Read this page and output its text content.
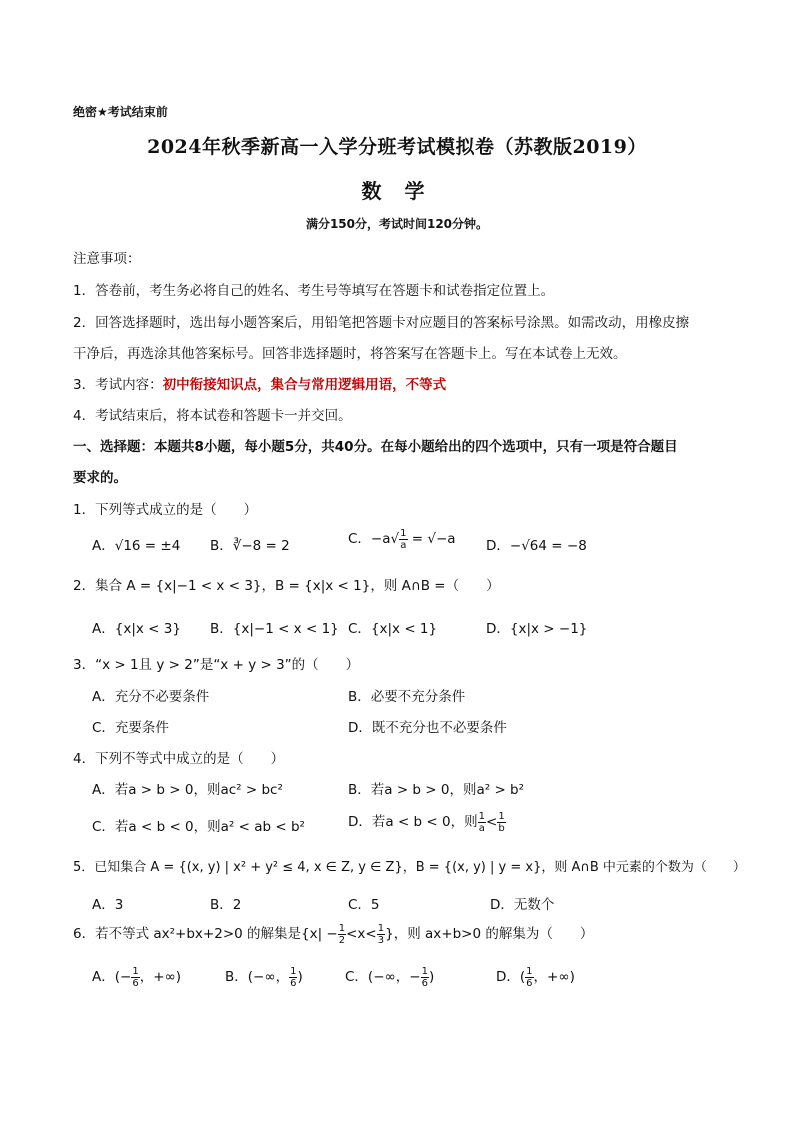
绝密★考试结束前
2024年秋季新高一入学分班考试模拟卷（苏教版2019）
数 学
满分150分，考试时间120分钟。
注意事项：
1．答卷前，考生务必将自己的姓名、考生号等填写在答题卡和试卷指定位置上。
2．回答选择题时，选出每小题答案后，用铅笔把答题卡对应题目的答案标号涂黑。如需改动，用橡皮擦
干净后，再选涂其他答案标号。回答非选择题时，将答案写在答题卡上。写在本试卷上无效。
3．考试内容：初中衔接知识点，集合与常用逻辑用语，不等式
4．考试结束后，将本试卷和答题卡一并交回。
一、选择题：本题共8小题，每小题5分，共40分。在每小题给出的四个选项中，只有一项是符合题目
要求的。
1．下列等式成立的是（　　）
A．√16 = ±4 B．∛−8 = 2	C．$-a√ \frac{1}{a} = √-a$ D．−√64 = −8
2．集合 A = {x|−1 < x < 3}，B = {x|x < 1}，则 A∩B =（　　）
A．{x|x < 3} B．{x|−1 < x < 1} C．{x|x < 1}	D．{x|x > −1}
3．“x > 1且 y > 2”是“x + y > 3”的（　　）
A．充分不必要条件	B．必要不充分条件
C．充要条件	D．既不充分也不必要条件
4．下列不等式中成立的是（　　）
A．若a > b > 0，则ac² > bc²	B．若a > b > 0，则a² > b²
C．若a < b < 0，则a² < ab < b²	D．若a < b < 0，则 $\frac{1}{a} < \frac{1}{b}$
5．已知集合 A = {(x, y) | x² + y² ≤ 4, x ∈ Z, y ∈ Z}，B = {(x, y) | y = x}，则 A∩B 中元素的个数为（　　）
A．3	B．2	C．5	D．无数个
6．若不等式 ax²+bx+2>0 的解集是{$x| - \frac{1}{2} <x< \frac{1}{3}$ }，则 ax+b>0 的解集为（　　）
A．(− $\frac{1}{6}$ ，+∞)	B．(−∞， $\frac{1}{6}$ )	C．(−∞，− $\frac{1}{6}$ )	D．( $\frac{1}{6}$ ，+∞)
